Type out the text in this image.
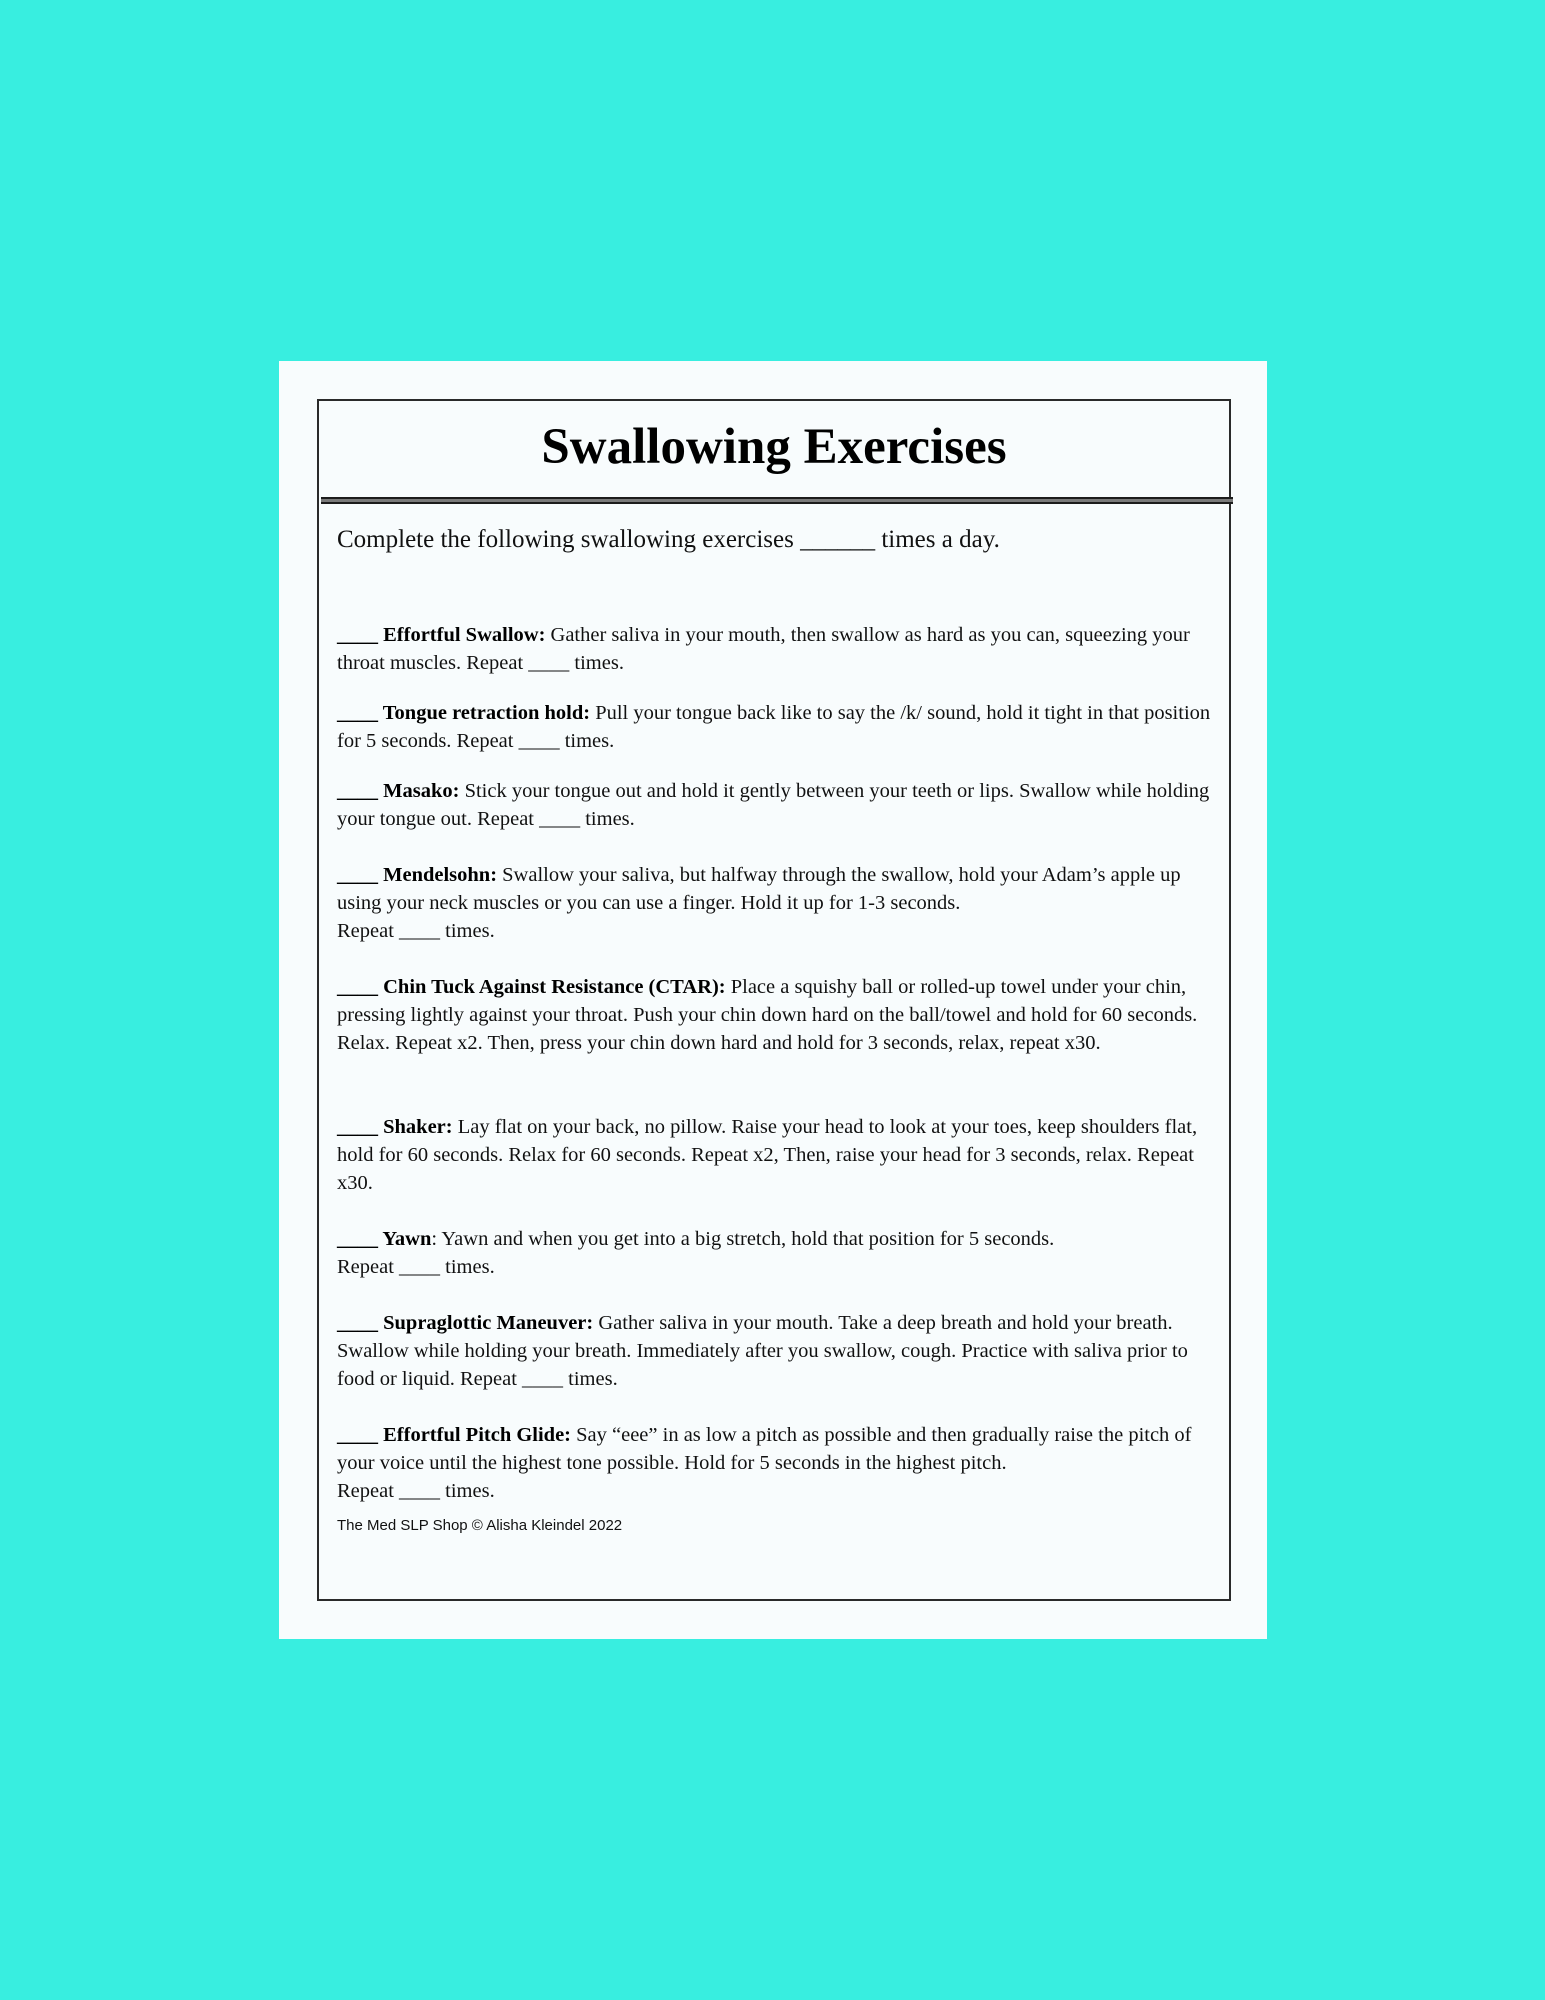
Swallowing Exercises

Complete the following swallowing exercises ______ times a day.

____ Effortful Swallow: Gather saliva in your mouth, then swallow as hard as you can, squeezing your throat muscles. Repeat ____ times.

____ Tongue retraction hold: Pull your tongue back like to say the /k/ sound, hold it tight in that position for 5 seconds. Repeat ____ times.

____ Masako: Stick your tongue out and hold it gently between your teeth or lips. Swallow while holding your tongue out. Repeat ____ times.

____ Mendelsohn: Swallow your saliva, but halfway through the swallow, hold your Adam’s apple up using your neck muscles or you can use a finger. Hold it up for 1-3 seconds.
Repeat ____ times.

____ Chin Tuck Against Resistance (CTAR): Place a squishy ball or rolled-up towel under your chin, pressing lightly against your throat. Push your chin down hard on the ball/towel and hold for 60 seconds. Relax. Repeat x2. Then, press your chin down hard and hold for 3 seconds, relax, repeat x30.

____ Shaker: Lay flat on your back, no pillow. Raise your head to look at your toes, keep shoulders flat, hold for 60 seconds. Relax for 60 seconds. Repeat x2, Then, raise your head for 3 seconds, relax. Repeat x30.

____ Yawn: Yawn and when you get into a big stretch, hold that position for 5 seconds.
Repeat ____ times.

____ Supraglottic Maneuver: Gather saliva in your mouth. Take a deep breath and hold your breath. Swallow while holding your breath. Immediately after you swallow, cough. Practice with saliva prior to food or liquid. Repeat ____ times.

____ Effortful Pitch Glide: Say “eee” in as low a pitch as possible and then gradually raise the pitch of your voice until the highest tone possible. Hold for 5 seconds in the highest pitch.
Repeat ____ times.

The Med SLP Shop © Alisha Kleindel 2022
